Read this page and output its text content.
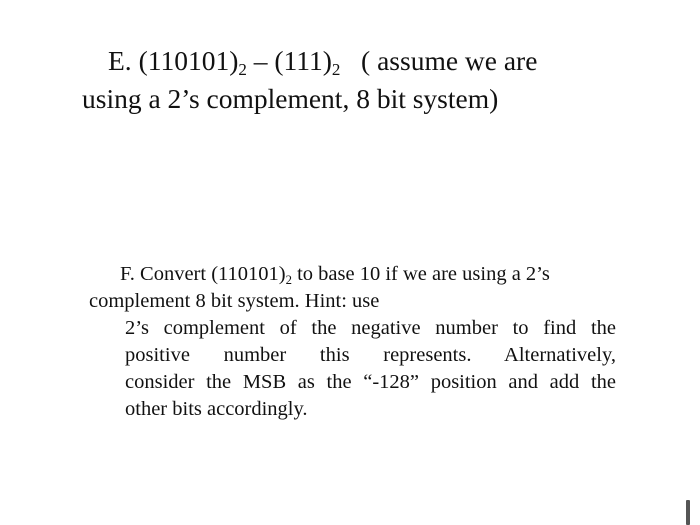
E. $(110101)_2 - (111)_2$ ( assume we are
using a 2’s complement, 8 bit system)
F. Convert $(110101)_2$ to base 10 if we are using a 2’s
complement 8 bit system. Hint: use
2’s complement of the negative number to find the
positive number this represents. Alternatively,
consider the MSB as the “-128” position and add the
other bits accordingly.
